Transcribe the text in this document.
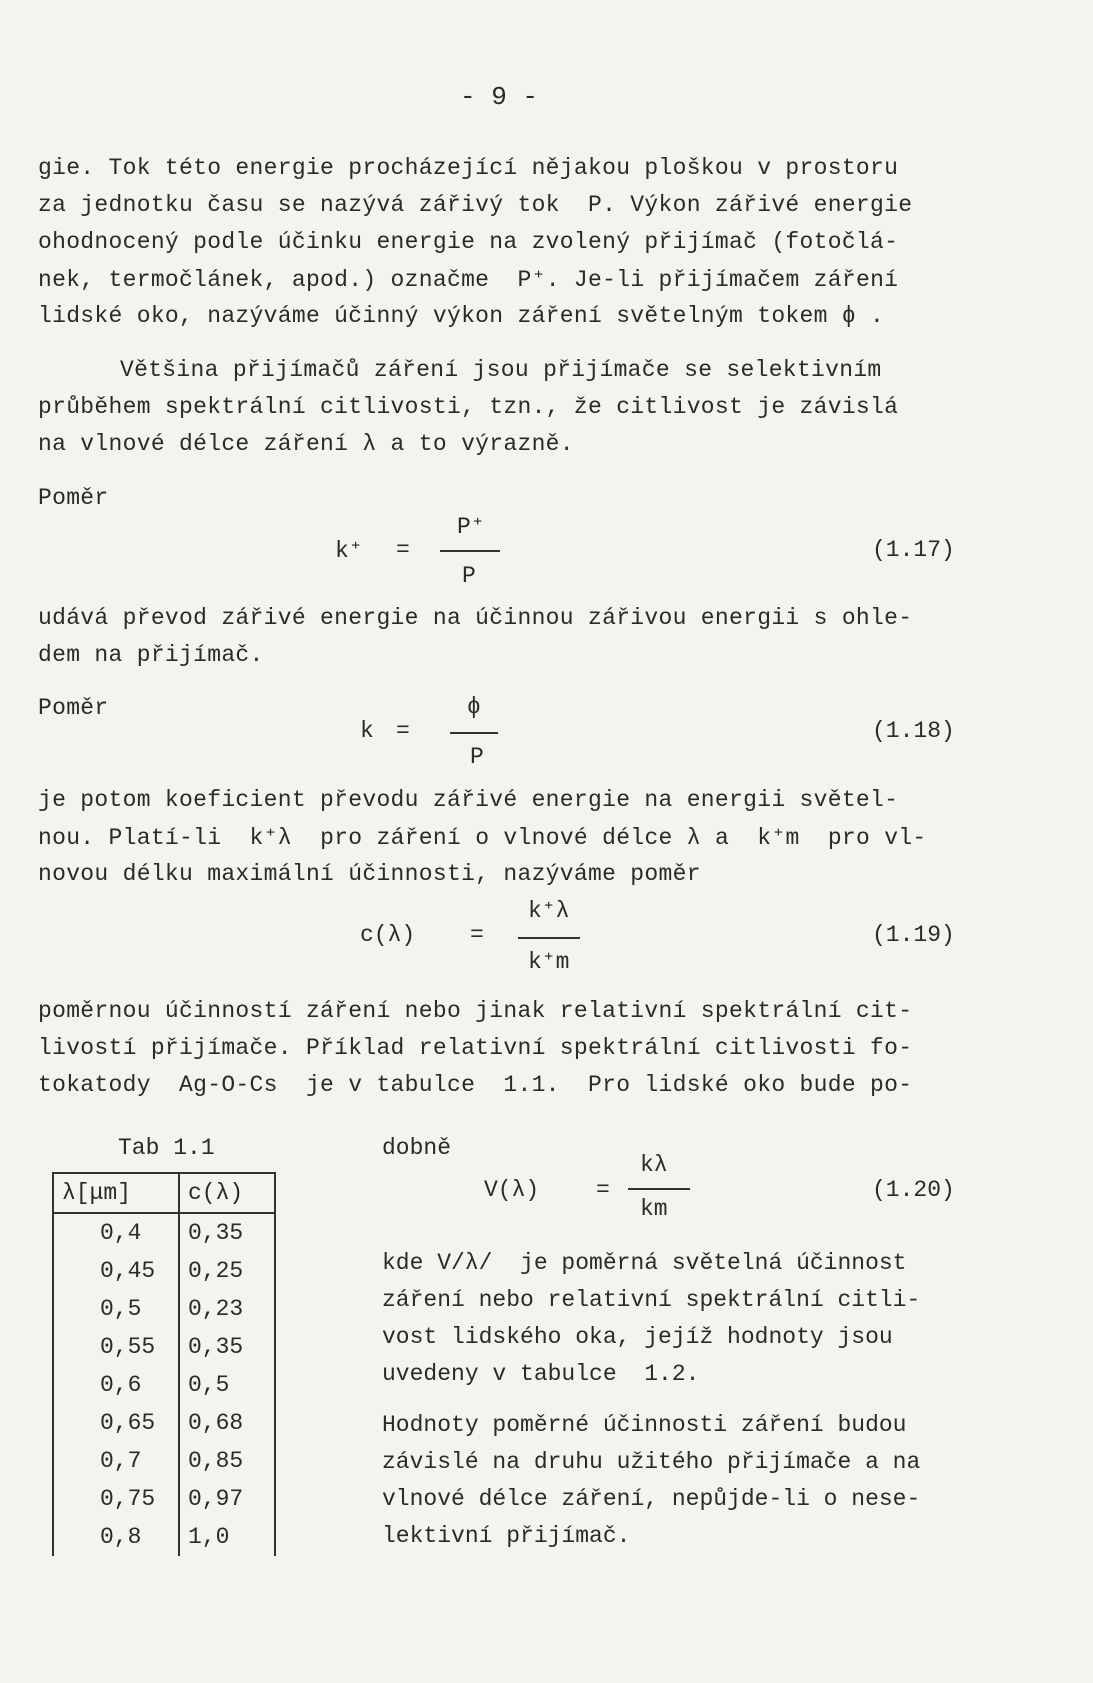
- 9 -
gie. Tok této energie procházející nějakou ploškou v prostoru
za jednotku času se nazývá zářivý tok  P. Výkon zářivé energie
ohodnocený podle účinku energie na zvolený přijímač (fotočlá-
nek, termočlánek, apod.) označme  P⁺. Je-li přijímačem záření
lidské oko, nazýváme účinný výkon záření světelným tokem ϕ .
Většina přijímačů záření jsou přijímače se selektivním
průběhem spektrální citlivosti, tzn., že citlivost je závislá
na vlnové délce záření λ a to výrazně.
Poměr
k⁺ =
P⁺
P
(1.17)
udává převod zářivé energie na účinnou zářivou energii s ohle-
dem na přijímač.
Poměr
k =
ϕ
P
(1.18)
je potom koeficient převodu zářivé energie na energii světel-
nou. Platí-li  k⁺λ  pro záření o vlnové délce λ a  k⁺m  pro vl-
novou délku maximální účinnosti, nazýváme poměr
c(λ) =
k⁺λ
k⁺m
(1.19)
poměrnou účinností záření nebo jinak relativní spektrální cit-
livostí přijímače. Příklad relativní spektrální citlivosti fo-
tokatody  Ag-O-Cs  je v tabulce  1.1.  Pro lidské oko bude po-
Tab 1.1
λ[μm]	c(λ)
0,4	0,35
0,45	0,25
0,5	0,23
0,55	0,35
0,6	0,5
0,65	0,68
0,7	0,85
0,75	0,97
0,8	1,0
dobně
V(λ) =
kλ
km
(1.20)
kde V/λ/  je poměrná světelná účinnost
záření nebo relativní spektrální citli-
vost lidského oka, jejíž hodnoty jsou
uvedeny v tabulce  1.2.
Hodnoty poměrné účinnosti záření budou
závislé na druhu užitého přijímače a na
vlnové délce záření, nepůjde-li o nese-
lektivní přijímač.
